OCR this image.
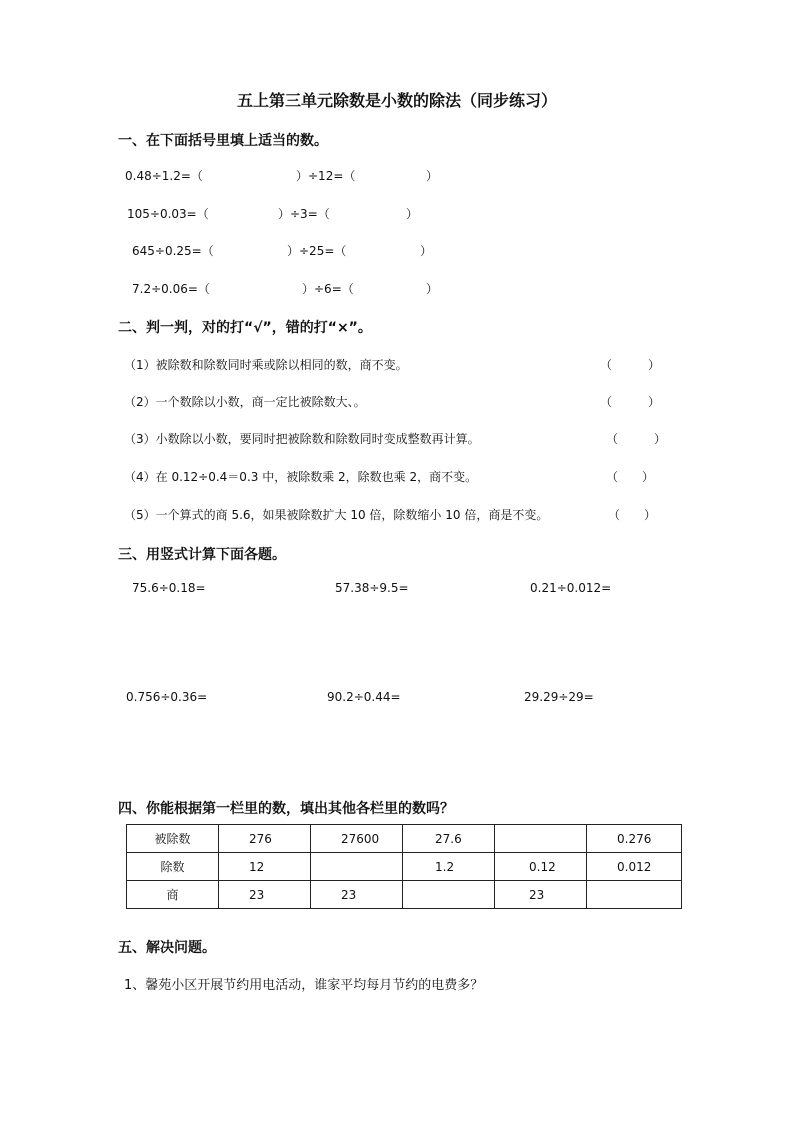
五上第三单元除数是小数的除法（同步练习）
一、在下面括号里填上适当的数。
0.48÷1.2=（	）÷12=（	）
105÷0.03=（	）÷3=（	）
645÷0.25=（	）÷25=（	）
7.2÷0.06=（	）÷6=（	）
二、判一判，对的打“√”，错的打“×”。
（1）被除数和除数同时乘或除以相同的数，商不变。	（　　　）
（2）一个数除以小数，商一定比被除数大、。	（　　　）
（3）小数除以小数，要同时把被除数和除数同时变成整数再计算。	（　　　）
（4）在 0.12÷0.4＝0.3 中，被除数乘 2，除数也乘 2，商不变。	（　　）
（5）一个算式的商 5.6，如果被除数扩大 10 倍，除数缩小 10 倍，商是不变。	（　　）
三、用竖式计算下面各题。
75.6÷0.18=	57.38÷9.5=	0.21÷0.012=
0.756÷0.36=	90.2÷0.44=	29.29÷29=
四、你能根据第一栏里的数，填出其他各栏里的数吗？
被除数	276	27600	27.6		0.276
除数	12		1.2	0.12	0.012
商	23	23		23	
五、解决问题。
1、馨苑小区开展节约用电活动，谁家平均每月节约的电费多？
